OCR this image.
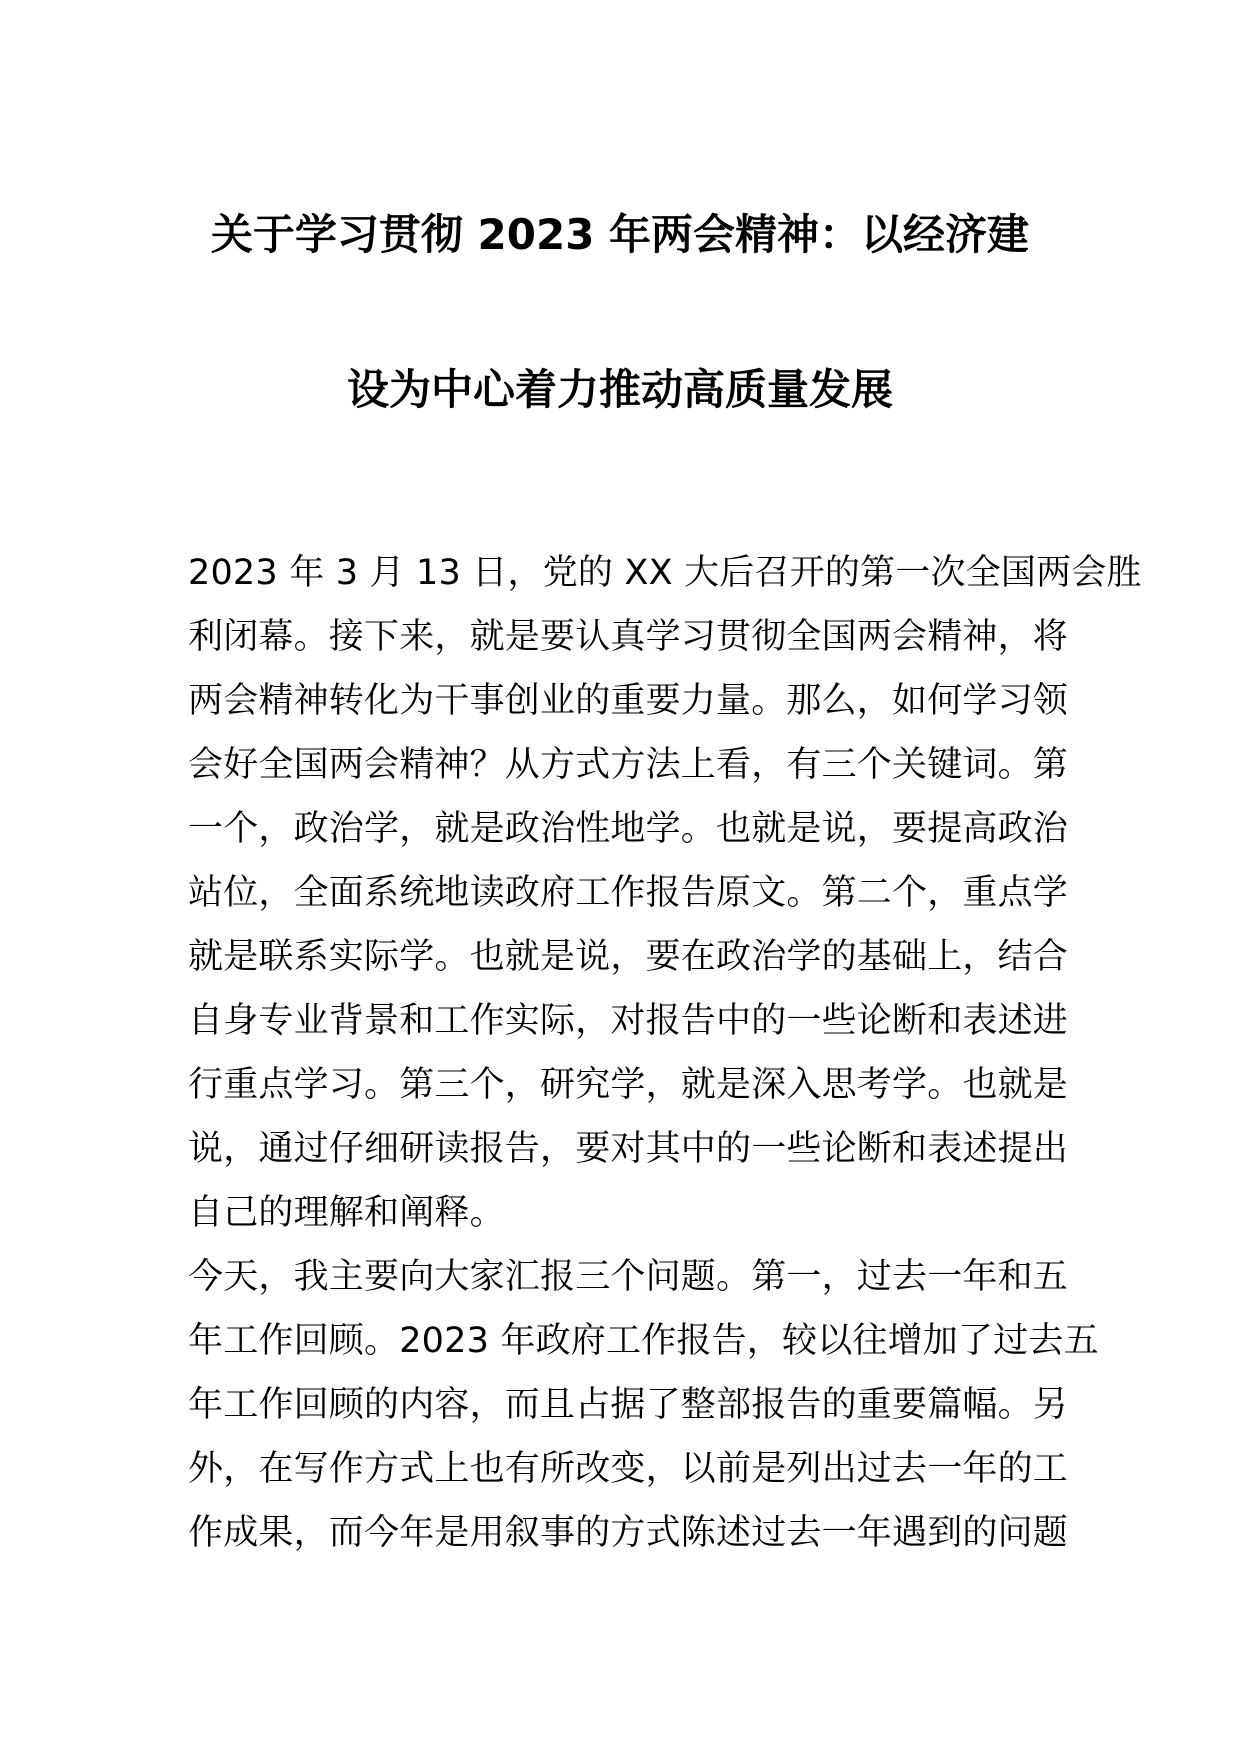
关于学习贯彻 2023 年两会精神：以经济建
设为中心着力推动高质量发展
2023 年 3 月 13 日，党的 XX 大后召开的第一次全国两会胜
利闭幕。接下来，就是要认真学习贯彻全国两会精神，将
两会精神转化为干事创业的重要力量。那么，如何学习领
会好全国两会精神？从方式方法上看，有三个关键词。第
一个，政治学，就是政治性地学。也就是说，要提高政治
站位，全面系统地读政府工作报告原文。第二个，重点学
就是联系实际学。也就是说，要在政治学的基础上，结合
自身专业背景和工作实际，对报告中的一些论断和表述进
行重点学习。第三个，研究学，就是深入思考学。也就是
说，通过仔细研读报告，要对其中的一些论断和表述提出
自己的理解和阐释。
今天，我主要向大家汇报三个问题。第一，过去一年和五
年工作回顾。2023 年政府工作报告，较以往增加了过去五
年工作回顾的内容，而且占据了整部报告的重要篇幅。另
外，在写作方式上也有所改变，以前是列出过去一年的工
作成果，而今年是用叙事的方式陈述过去一年遇到的问题
